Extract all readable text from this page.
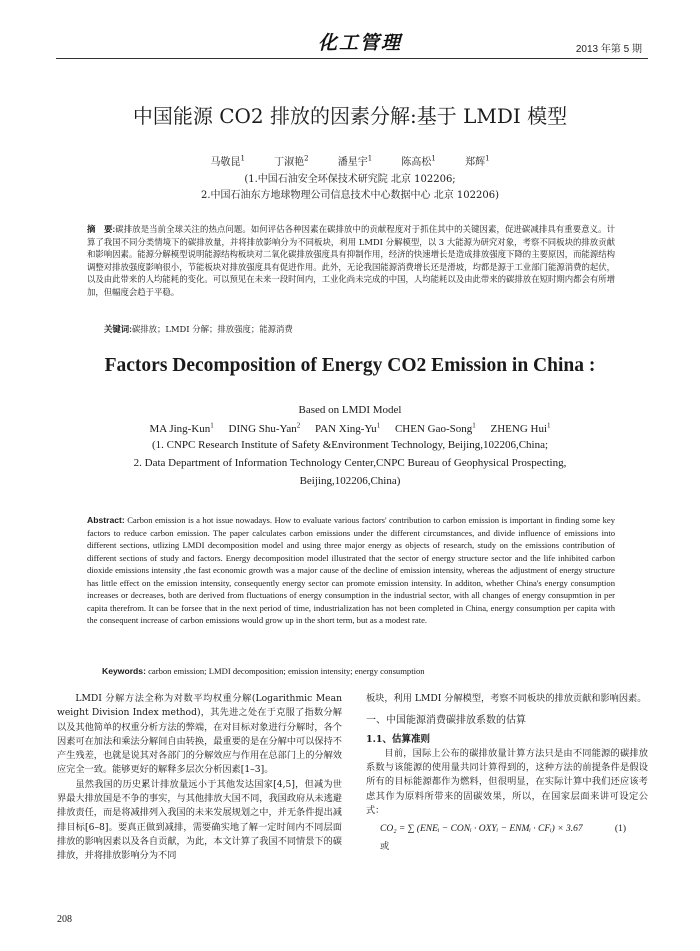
化工管理	2013 年第 5 期
中国能源 CO2 排放的因素分解:基于 LMDI 模型
马敬昆$^1$	丁淑艳$^2$	潘星宇$^1$	陈高松$^1$	郑辉$^1$
(1.中国石油安全环保技术研究院 北京 102206;
2.中国石油东方地球物理公司信息技术中心数据中心 北京 102206)
摘　要:碳排放是当前全球关注的热点问题。如何评估各种因素在碳排放中的贡献程度对于抓住其中的关键因素，促进碳减排具有重要意义。计算了我国不同分类情境下的碳排放量，并将排放影响分为不同板块，利用 LMDI 分解模型，以 3 大能源为研究对象，考察不同板块的排放贡献和影响因素。能源分解模型说明能源结构板块对二氧化碳排放强度具有抑制作用，经济的快速增长是造成排放强度下降的主要原因，而能源结构调整对排放强度影响很小，节能板块对排放强度具有促进作用。此外，无论我国能源消费增长还是滑坡，均都是源于工业部门能源消费的起伏，以及由此带来的人均能耗的变化。可以预见在未来一段时间内，工业化尚未完成的中国，人均能耗以及由此带来的碳排放在短时期内都会有所增加，但幅度会趋于平稳。
关键词:碳排放；LMDI 分解；排放强度；能源消费
Factors Decomposition of Energy CO2 Emission in China :
Based on LMDI Model
MA Jing-Kun$^1$ DING Shu-Yan$^2$ PAN Xing-Yu$^1$ CHEN Gao-Song$^1$ ZHENG Hui$^1$
(1. CNPC Research Institute of Safety &Environment Technology, Beijing,102206,China;
2. Data Department of Information Technology Center,CNPC Bureau of Geophysical Prospecting,
Beijing,102206,China)
Abstract: Carbon emission is a hot issue nowadays. How to evaluate various factors' contribution to carbon emission is important in finding some key factors to reduce carbon emission. The paper calculates carbon emissions under the different circumstances, and divide influence of emissions into different sections, utlizing LMDI decomposition model and using three major energy as objects of research, study on the emissions contribution of different sections of study and factors. Energy decomposition model illustrated that the sector of energy structure sector and the life inhibited carbon dioxide emissions intensity ,the fast economic growth was a major cause of the decline of emission intensity, whereas the adjustment of energy structure has little effect on the emission intensity, consequently energy sector can promote emission intensity. In additon, whether China's energy consumption increases or decreases, both are derived from fluctuations of energy consumption in the industrial sector, with all changes of energy consupmtion in per capita therefrom. It can be forsee that in the next period of time, industrialization has not been completed in China, energy consumption per capita with the consequent increase of carbon emissions would grow up in the short term, but as a modest rate.
Keywords: carbon emission; LMDI decomposition; emission intensity; energy consumption

LMDI 分解方法全称为对数平均权重分解(Logarithmic Mean weight Division Index method)，其先进之处在于克服了指数分解以及其他简单的权重分析方法的弊端，在对目标对象进行分解时，各个因素可在加法和乘法分解间自由转换，最重要的是在分解中可以保持不产生残差，也就是说其对各部门的分解效应与作用在总部门上的分解效应完全一致。能够更好的解释多层次分析因素[1–3]。

虽然我国的历史累计排放量远小于其他发达国家[4,5]，但减为世界最大排放国是不争的事实，与其他排放大国不同，我国政府从未逃避排放责任，而是将减排列入我国的未来发展规划之中，并无条件提出减排目标[6–8]。要真正做到减排，需要确实地了解一定时间内不同层面排放的影响因素以及各自贡献，为此，本文计算了我国不同情景下的碳排放，并将排放影响分为不同

板块，利用 LMDI 分解模型，考察不同板块的排放贡献和影响因素。

一、中国能源消费碳排放系数的估算

1.1、估算准则

目前，国际上公布的碳排放量计算方法只是由不同能源的碳排放系数与该能源的使用量共同计算得到的，这种方法的前提条件是假设所有的目标能源都作为燃料，但很明显，在实际计算中我们还应该考虑其作为原料所带来的固碳效果，所以，在国家层面来讲可设定公式：

CO₂ = ∑ (ENEᵢ − CONᵢ · OXYᵢ − ENMᵢ · CFᵢ) × 3.67	(1)

或

208
